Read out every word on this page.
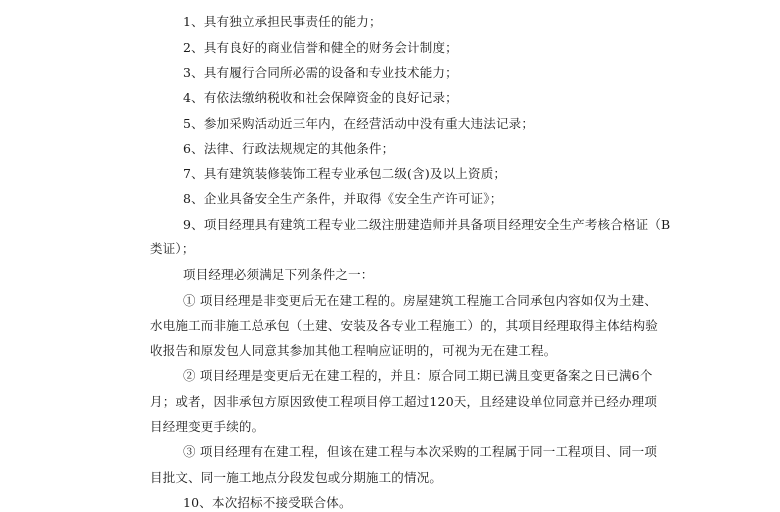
1、具有独立承担民事责任的能力；
2、具有良好的商业信誉和健全的财务会计制度；
3、具有履行合同所必需的设备和专业技术能力；
4、有依法缴纳税收和社会保障资金的良好记录；
5、参加采购活动近三年内，在经营活动中没有重大违法记录；
6、法律、行政法规规定的其他条件；
7、具有建筑装修装饰工程专业承包二级(含)及以上资质；
8、企业具备安全生产条件，并取得《安全生产许可证》；
9、项目经理具有建筑工程专业二级注册建造师并具备项目经理安全生产考核合格证（B
类证）；
项目经理必须满足下列条件之一：
① 项目经理是非变更后无在建工程的。房屋建筑工程施工合同承包内容如仅为土建、
水电施工而非施工总承包（土建、安装及各专业工程施工）的，其项目经理取得主体结构验
收报告和原发包人同意其参加其他工程响应证明的，可视为无在建工程。
② 项目经理是变更后无在建工程的，并且：原合同工期已满且变更备案之日已满6个
月；或者，因非承包方原因致使工程项目停工超过120天，且经建设单位同意并已经办理项
目经理变更手续的。
③ 项目经理有在建工程，但该在建工程与本次采购的工程属于同一工程项目、同一项
目批文、同一施工地点分段发包或分期施工的情况。
10、本次招标不接受联合体。
